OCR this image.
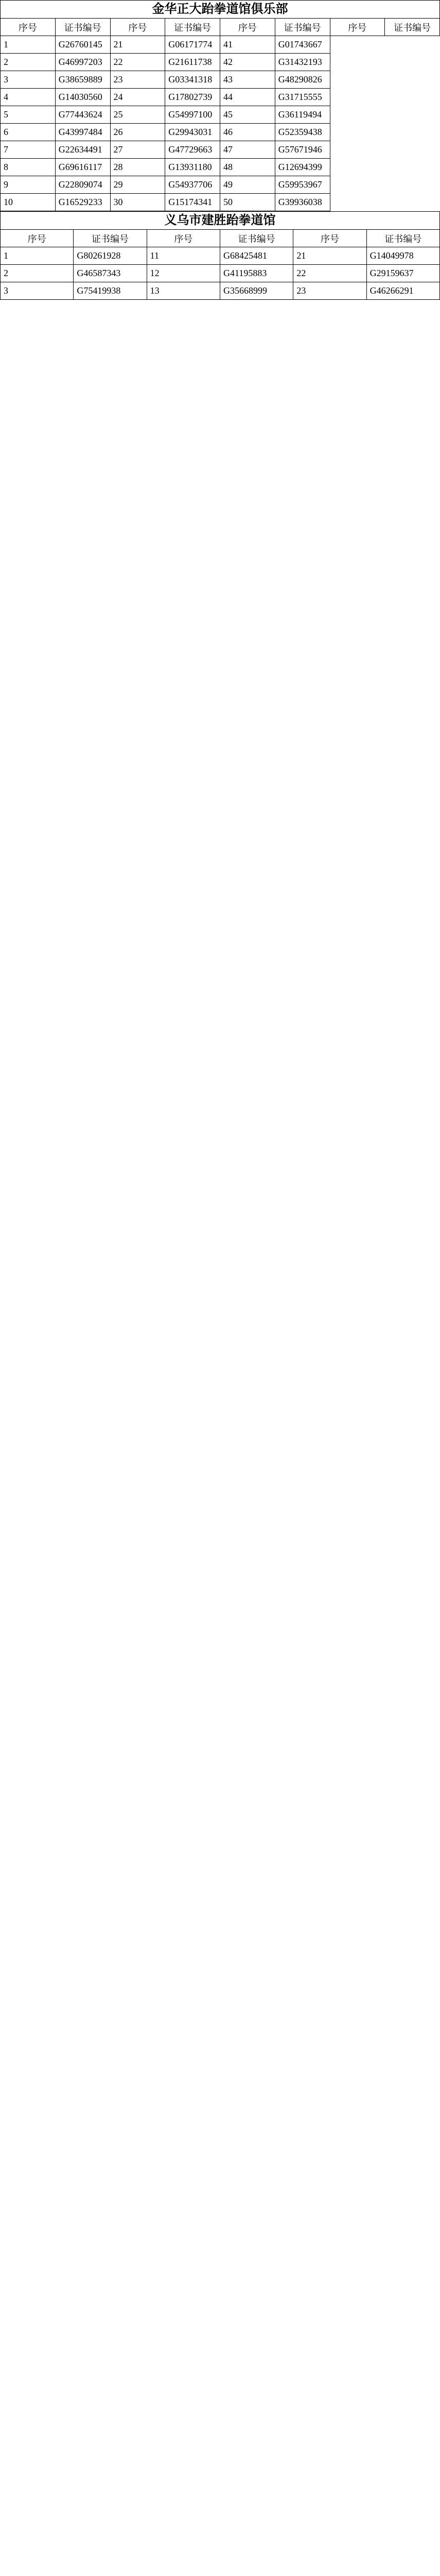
金华正大跆拳道馆俱乐部
序号	证书编号	序号	证书编号	序号	证书编号	序号	证书编号
1	G26760145	21	G06171774	41	G01743667		
2	G46997203	22	G21611738	42	G31432193		
3	G38659889	23	G03341318	43	G48290826		
4	G14030560	24	G17802739	44	G31715555		
5	G77443624	25	G54997100	45	G36119494		
6	G43997484	26	G29943031	46	G52359438		
7	G22634491	27	G47729663	47	G57671946		
8	G69616117	28	G13931180	48	G12694399		
9	G22809074	29	G54937706	49	G59953967		
10	G16529233	30	G15174341	50	G39936038		
义乌市建胜跆拳道馆
序号	证书编号	序号	证书编号	序号	证书编号
1	G80261928	11	G68425481	21	G14049978
2	G46587343	12	G41195883	22	G29159637
3	G75419938	13	G35668999	23	G46266291
